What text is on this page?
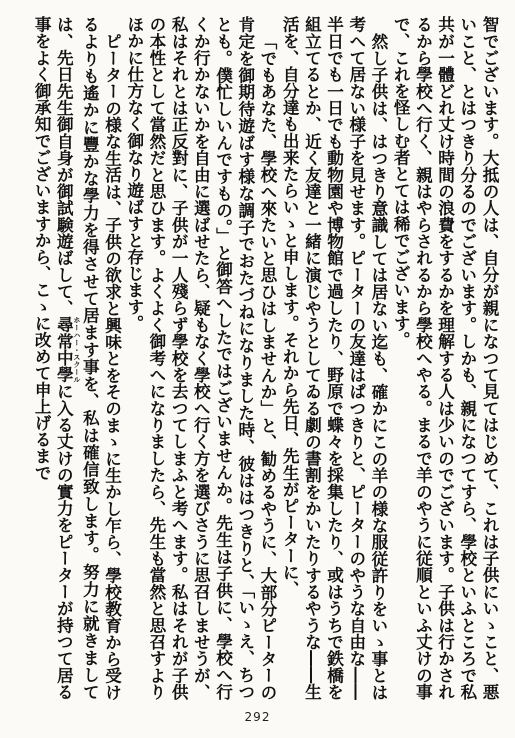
智でございます。大抵の人は、自分が親になつて見てはじめて、これは子供にいゝこと、悪いこと、とはつきり分るのでございます。しかも、親になつてすら、學校といふところで私共が一體どれ丈け時間の浪費をするかを理解する人は少いのでございます。子供は行かされるから學校へ行く、親はやらされるから學校へやる。まるで羊のやうに従順といふ丈けの事で、これを怪しむ者とては稀でございます。

然し子供は、はつきり意識しては居ない迄も、確かにこの羊の様な服従許りをいゝ事とは考へて居ない様子を見せます。ピーターの友達はぱつきりと、ピーターのやうな自由な――半日でも一日でも動物園や博物館で過したり、野原で蝶々を採集したり、或はうちで鉄橋を組立てるとか、近く友達と一緒に演じやうとしてゐる劇の書割をかいたりするやうな――生活を、自分達も出来たらいゝと申します。それから先日、先生がピーターに、

「でもあなた、學校へ來たいと思ひはしませんか」と、勧めるやうに、大部分ピーターの肯定を御期待遊ばす様な調子でおたづねになりました時、彼ははつきりと、「いゝえ、ちつとも。僕忙しいんですもの。」と御答へしたではございませんか。先生は子供に、學校へ行くか行かないかを自由に選ばせたら、疑もなく學校へ行く方を選びさうに思召しませうが、私はそれとは正反對に、子供が一人殘らず學校を去つてしまふと考へます。私はそれが子供の本性として當然だと思ひます。よくよく御考へになりましたら、先生も當然と思召すよりほかに仕方なく御なり遊ばすと存じます。

ピーターの様な生活は、子供の欲求と興味とをそのまゝに生かし乍ら、學校教育から受けるよりも遙かに豐かな學力を得させて居ます事を、私は確信致します。努力に就きましては、先日先生御自身が御試験遊ばして、尋常中學ホーハー・スクールに入る丈けの實力をピーターが持つて居る事をよく御承知でございますから、こゝに改めて申上げるまで

292
